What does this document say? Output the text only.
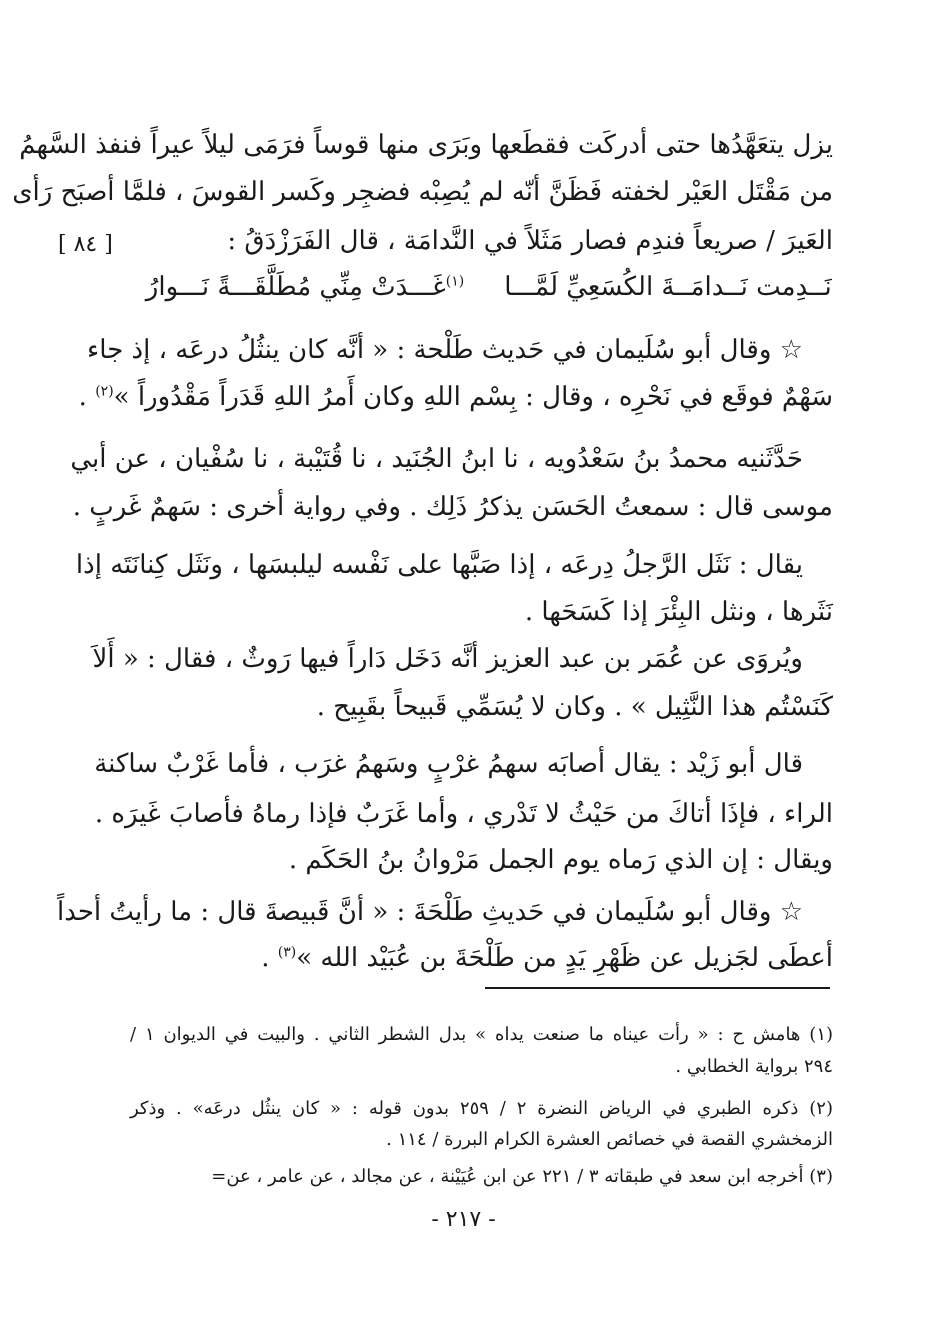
[ ٨٤ ]
يزل يتعَهَّدُها حتى أدركَت فقطَعها وبَرَى منها قوساً فرَمَى ليلاً عيراً فنفذ السَّهمُ
من مَقْتَل العَيْر لخفته فَظَنَّ أنّه لم يُصِبْه فضجِر وكَسر القوسَ ، فلمَّا أصبَح رَأى
العَيرَ / صريعاً فندِم فصار مَثَلاً في النَّدامَة ، قال الفَرَزْدَقُ :
نَــدِمت نَــدامَــةَ الكُسَعِيِّ لَمَّـــا
$^{(١)}$غَـــدَتْ مِنِّي مُطَلَّقَـــةً نَـــوارُ
☆ وقال أبو سُلَيمان في حَديث طَلْحة : « أنَّه كان ينثُلُ درعَه ، إذ جاء
سَهْمٌ فوقَع في نَحْرِه ، وقال : بِسْم اللهِ وكان أَمرُ اللهِ قَدَراً مَقْدُوراً »$^{(٢)}$ .
حَدَّثَنيه محمدُ بنُ سَعْدُويه ، نا ابنُ الجُنَيد ، نا قُتَيْبة ، نا سُفْيان ، عن أبي
موسى قال : سمعتُ الحَسَن يذكرُ ذَلِك . وفي رواية أخرى : سَهمٌ غَربٍ .
يقال : نَثَل الرَّجلُ دِرعَه ، إذا صَبَّها على نَفْسه ليلبسَها ، ونَثَل كِنانَتَه إذا
نَثَرها ، ونثل البِئْرَ إذا كَسَحَها .
ويُروَى عن عُمَر بن عبد العزيز أنَّه دَخَل دَاراً فيها رَوثٌ ، فقال : « أَلاَ
كَنَسْتُم هذا النَّثِيل » . وكان لا يُسَمِّي قَبيحاً بقَبِيح .
قال أبو زَيْد : يقال أصابَه سهمُ غرْبٍ وسَهمُ غرَب ، فأما غَرْبٌ ساكنة
الراء ، فإذَا أتاكَ من حَيْثُ لا تَدْري ، وأما غَرَبٌ فإذا رماهُ فأصابَ غَيرَه .
ويقال : إن الذي رَماه يوم الجمل مَرْوانُ بنُ الحَكَم .
☆ وقال أبو سُلَيمان في حَديثِ طَلْحَةَ : « أنَّ قَبيصةَ قال : ما رأيتُ أحداً
أعطَى لجَزيل عن ظَهْرِ يَدٍ من طَلْحَةَ بن عُبَيْد الله »$^{(٣)}$ .
(١) هامش ح : « رأت عيناه ما صنعت يداه » بدل الشطر الثاني . والبيت في الديوان ١ /
٢٩٤ برواية الخطابي .
(٢) ذكره الطبري في الرياض النضرة ٢ / ٢٥٩ بدون قوله : « كان ينثُل درعَه» . وذكر
الزمخشري القصة في خصائص العشرة الكرام البررة / ١١٤ .
(٣) أخرجه ابن سعد في طبقاته ٣ / ٢٢١ عن ابن عُيَيْنة ، عن مجالد ، عن عامر ، عن=
- ٢١٧ -
